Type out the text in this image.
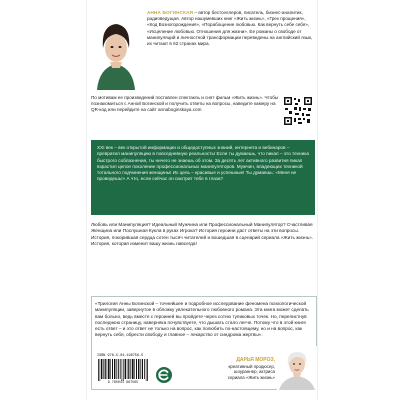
АННА БОГИНСКАЯ – автор бестселлеров, писатель, бизнес-аналитик, радиоведущая. Автор нашумевших книг «Жить жизнь», «Грех прощения», «Код Возногорождения», «Порабощение любовью. Как вернуть себе себя», «Исцеление любовью. Отношения для жизни». Ее романы о свободе от манипуляций и личностной трансформации переведены на английский язык, их читают в 62 странах мира.
По мотивам ее произведений поставлен спектакль и снят фильм «Жить жизнь». Чтобы познакомиться с Анной Богинской и получить ответы на вопросы, наведите камеру на QR-код или перейдите на сайт annaboginskaya.com
XXI век – век открытой информации и общедоступных знаний, интернета и вебинаров – превратил манипуляцию в повседневную реальность! Если ты думаешь, что пикап – это техника быстрого соблазнения, ты ничего не знаешь об этом. За десять лет активного развития пикап взрастил целое поколение профессиональных манипуляторов. Мужчин, владеющих техникой тотального подчинения женщины! Их цель – красивые и успешные! Ты думаешь: «Меня не проведешь!» А что, если сейчас он смотрит тебе в глаза?
Любовь или Манипуляция? Идеальный Мужчина или Профессиональный Манипулятор? Счастливая Женщина или Послушная Кукла в руках Игрока? История героини даст ответы на эти вопросы. История, покорившая сердца сотен тысяч читателей и вошедшая в сценарий сериала «Жить жизнь». История, которая изменит вашу жизнь навсегда!
«Трилогия Анны Богинской – точнейшее и подробное исследование феномена психологической манипуляции, завернутое в обложку увлекательного любовного романа. Эта книга может сделать вам больно, ведь вместе с героиней вы пройдете через сотню тупиковых точек. Но, перелистнув последнюю страницу, наверняка почувствуете, что дышать стало легче. Потому что в этой книге есть ответ – и это ответ не только на вопрос, как полюбить по-настоящему, но и на вопрос, как вернуть себя, обрести свободу и главное – лекарство от синдрома жертвы».
ISBN 978-5-04-198756-5
9 785041 987565
ДАРЬЯ МОРОЗ,
креативный продюсер, шоураннер, актриса сериала «Жить жизнь»
